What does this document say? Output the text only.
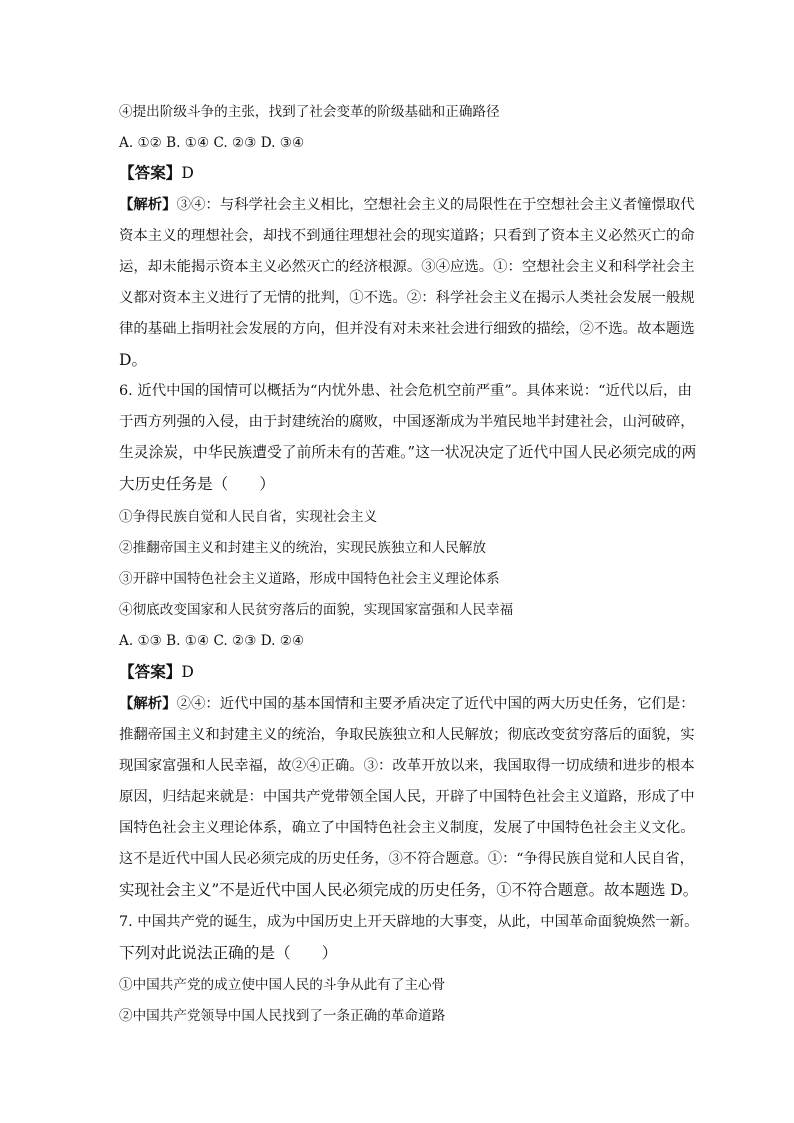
④提出阶级斗争的主张，找到了社会变革的阶级基础和正确路径
A. ①② B. ①④ C. ②③ D. ③④
【答案】D
【解析】③④：与科学社会主义相比，空想社会主义的局限性在于空想社会主义者憧憬取代
资本主义的理想社会，却找不到通往理想社会的现实道路；只看到了资本主义必然灭亡的命
运，却未能揭示资本主义必然灭亡的经济根源。③④应选。①：空想社会主义和科学社会主
义都对资本主义进行了无情的批判，①不选。②：科学社会主义在揭示人类社会发展一般规
律的基础上指明社会发展的方向，但并没有对未来社会进行细致的描绘，②不选。故本题选
D。
6. 近代中国的国情可以概括为“内忧外患、社会危机空前严重”。具体来说：“近代以后，由
于西方列强的入侵，由于封建统治的腐败，中国逐渐成为半殖民地半封建社会，山河破碎，
生灵涂炭，中华民族遭受了前所未有的苦难。”这一状况决定了近代中国人民必须完成的两
大历史任务是（　　）
①争得民族自觉和人民自省，实现社会主义
②推翻帝国主义和封建主义的统治，实现民族独立和人民解放
③开辟中国特色社会主义道路，形成中国特色社会主义理论体系
④彻底改变国家和人民贫穷落后的面貌，实现国家富强和人民幸福
A. ①③ B. ①④ C. ②③ D. ②④
【答案】D
【解析】②④：近代中国的基本国情和主要矛盾决定了近代中国的两大历史任务，它们是：
推翻帝国主义和封建主义的统治，争取民族独立和人民解放；彻底改变贫穷落后的面貌，实
现国家富强和人民幸福，故②④正确。③：改革开放以来，我国取得一切成绩和进步的根本
原因，归结起来就是：中国共产党带领全国人民，开辟了中国特色社会主义道路，形成了中
国特色社会主义理论体系，确立了中国特色社会主义制度，发展了中国特色社会主义文化。
这不是近代中国人民必须完成的历史任务，③不符合题意。①：“争得民族自觉和人民自省，
实现社会主义”不是近代中国人民必须完成的历史任务，①不符合题意。故本题选 D。
7. 中国共产党的诞生，成为中国历史上开天辟地的大事变，从此，中国革命面貌焕然一新。
下列对此说法正确的是（　　）
①中国共产党的成立使中国人民的斗争从此有了主心骨
②中国共产党领导中国人民找到了一条正确的革命道路
